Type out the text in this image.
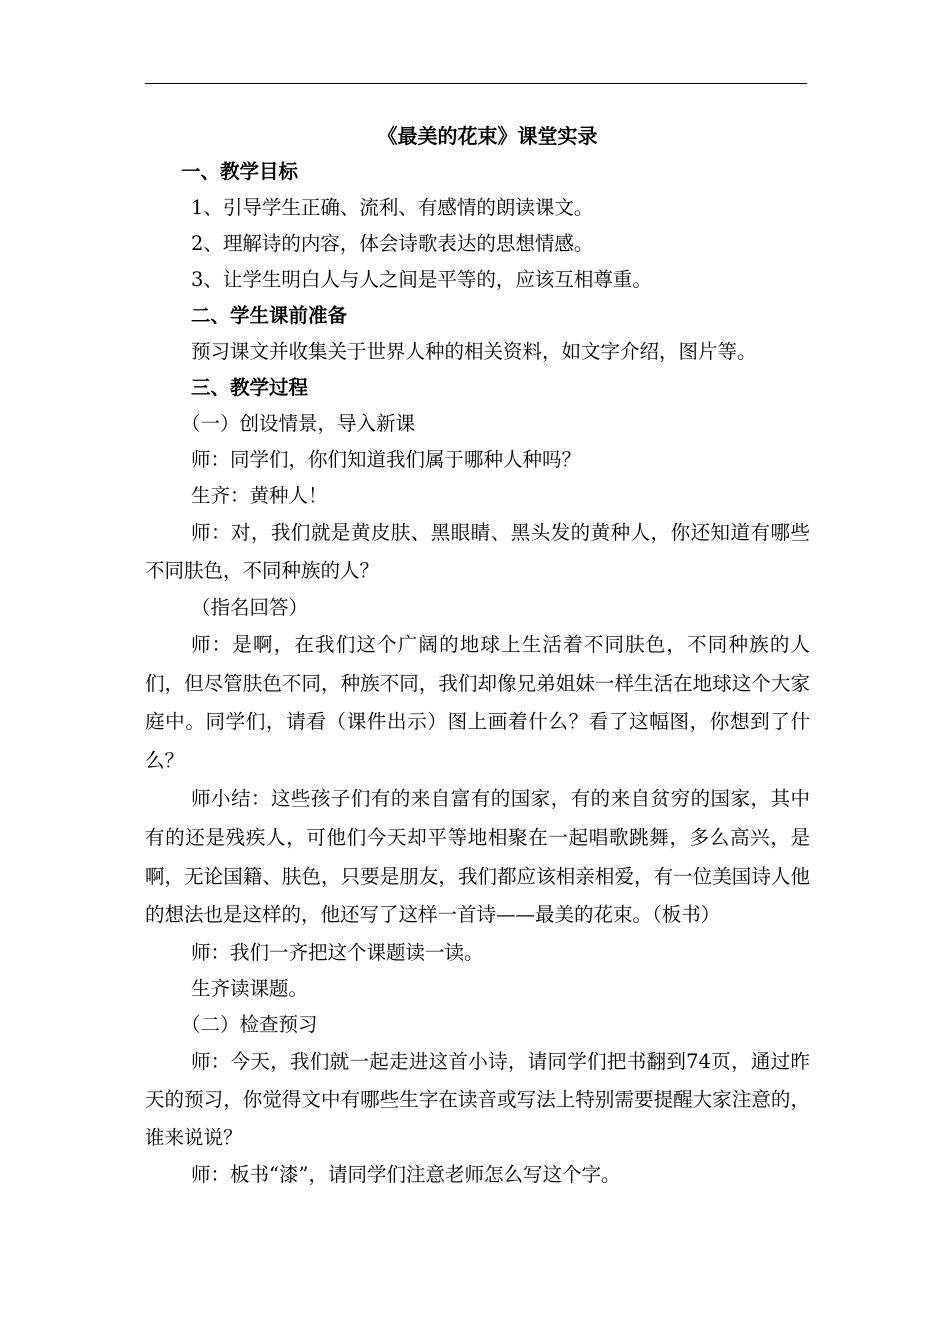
《最美的花束》课堂实录
一、教学目标
1、引导学生正确、流利、有感情的朗读课文。
2、理解诗的内容，体会诗歌表达的思想情感。
3、让学生明白人与人之间是平等的，应该互相尊重。
二、学生课前准备
预习课文并收集关于世界人种的相关资料，如文字介绍，图片等。
三、教学过程
（一）创设情景，导入新课
师：同学们，你们知道我们属于哪种人种吗？
生齐：黄种人！
师：对，我们就是黄皮肤、黑眼睛、黑头发的黄种人，你还知道有哪些不同肤色，不同种族的人？
（指名回答）
师：是啊，在我们这个广阔的地球上生活着不同肤色，不同种族的人们，但尽管肤色不同，种族不同，我们却像兄弟姐妹一样生活在地球这个大家庭中。同学们，请看（课件出示）图上画着什么？看了这幅图，你想到了什么？
师小结：这些孩子们有的来自富有的国家，有的来自贫穷的国家，其中有的还是残疾人，可他们今天却平等地相聚在一起唱歌跳舞，多么高兴，是啊，无论国籍、肤色，只要是朋友，我们都应该相亲相爱，有一位美国诗人他的想法也是这样的，他还写了这样一首诗——最美的花束。（板书）
师：我们一齐把这个课题读一读。
生齐读课题。
（二）检查预习
师：今天，我们就一起走进这首小诗，请同学们把书翻到74页，通过昨天的预习，你觉得文中有哪些生字在读音或写法上特别需要提醒大家注意的，谁来说说？
师：板书“漆”，请同学们注意老师怎么写这个字。
